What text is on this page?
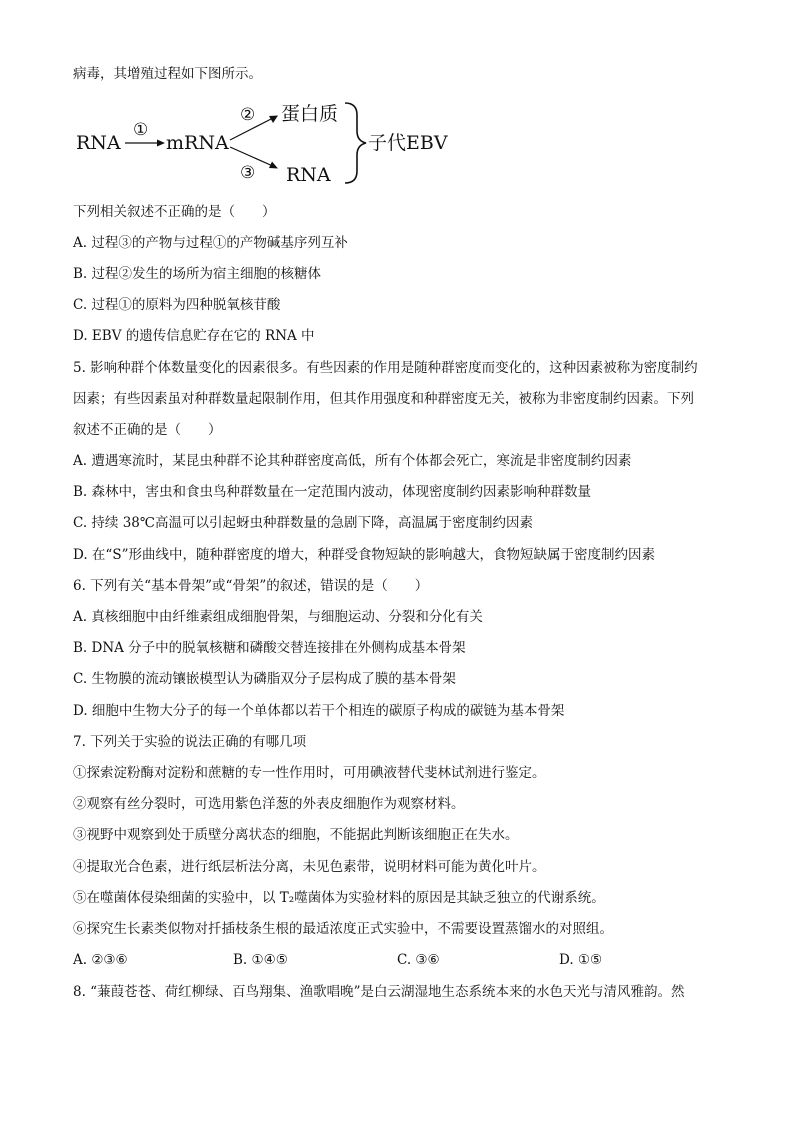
病毒，其增殖过程如下图所示。
RNA
①
mRNA
② 蛋白质
③ RNA
子代EBV
下列相关叙述不正确的是（　　）
A. 过程③的产物与过程①的产物碱基序列互补
B. 过程②发生的场所为宿主细胞的核糖体
C. 过程①的原料为四种脱氧核苷酸
D. EBV 的遗传信息贮存在它的 RNA 中
5. 影响种群个体数量变化的因素很多。有些因素的作用是随种群密度而变化的，这种因素被称为密度制约
因素；有些因素虽对种群数量起限制作用，但其作用强度和种群密度无关，被称为非密度制约因素。下列
叙述不正确的是（　　）
A. 遭遇寒流时，某昆虫种群不论其种群密度高低，所有个体都会死亡，寒流是非密度制约因素
B. 森林中，害虫和食虫鸟种群数量在一定范围内波动，体现密度制约因素影响种群数量
C. 持续 38℃高温可以引起蚜虫种群数量的急剧下降，高温属于密度制约因素
D. 在“S”形曲线中，随种群密度的增大，种群受食物短缺的影响越大，食物短缺属于密度制约因素
6. 下列有关“基本骨架”或“骨架”的叙述，错误的是（　　）
A. 真核细胞中由纤维素组成细胞骨架，与细胞运动、分裂和分化有关
B. DNA 分子中的脱氧核糖和磷酸交替连接排在外侧构成基本骨架
C. 生物膜的流动镶嵌模型认为磷脂双分子层构成了膜的基本骨架
D. 细胞中生物大分子的每一个单体都以若干个相连的碳原子构成的碳链为基本骨架
7. 下列关于实验的说法正确的有哪几项
①探索淀粉酶对淀粉和蔗糖的专一性作用时，可用碘液替代斐林试剂进行鉴定。
②观察有丝分裂时，可选用紫色洋葱的外表皮细胞作为观察材料。
③视野中观察到处于质壁分离状态的细胞，不能据此判断该细胞正在失水。
④提取光合色素，进行纸层析法分离，未见色素带，说明材料可能为黄化叶片。
⑤在噬菌体侵染细菌的实验中，以 T₂噬菌体为实验材料的原因是其缺乏独立的代谢系统。
⑥探究生长素类似物对扦插枝条生根的最适浓度正式实验中，不需要设置蒸馏水的对照组。
A. ②③⑥	B. ①④⑤	C. ③⑥	D. ①⑤
8. “蒹葭苍苍、荷红柳绿、百鸟翔集、渔歌唱晚”是白云湖湿地生态系统本来的水色天光与清风雅韵。然
